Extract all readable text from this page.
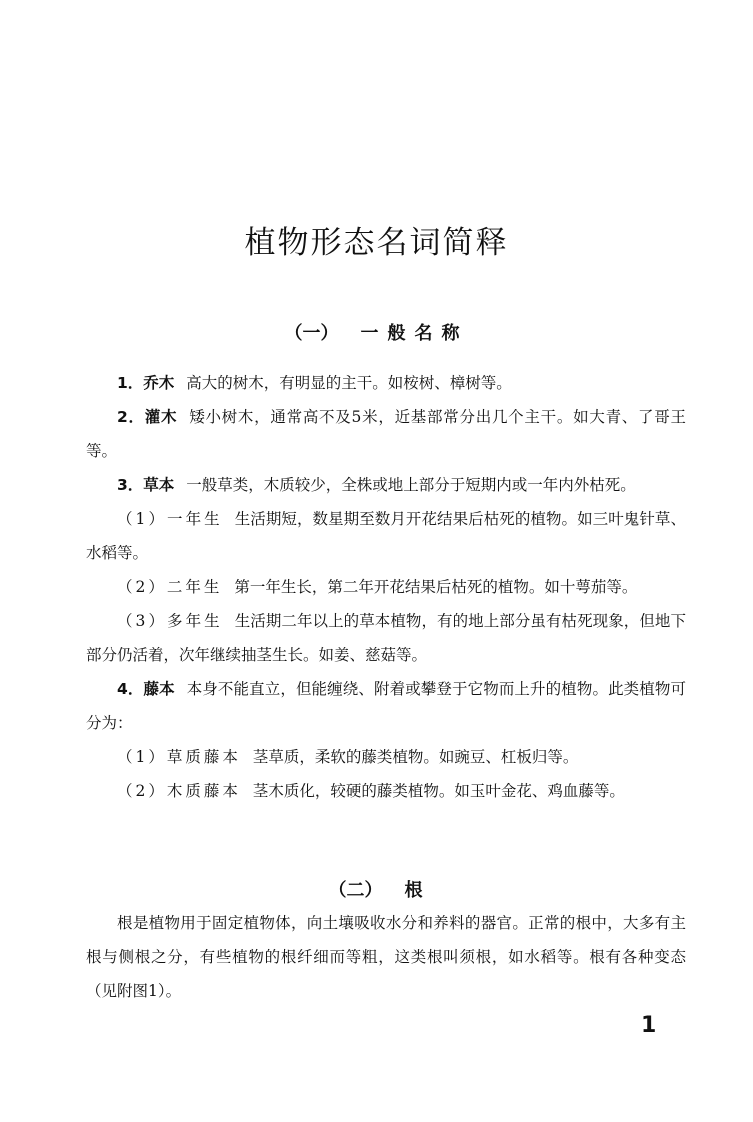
植物形态名词简释
（一） 一般名称

1．乔木 高大的树木，有明显的主干。如桉树、樟树等。

2．灌木 矮小树木，通常高不及5米，近基部常分出几个主干。如大青、了哥王等。

3．草本 一般草类，木质较少，全株或地上部分于短期内或一年内外枯死。

（1）一年生 生活期短，数星期至数月开花结果后枯死的植物。如三叶鬼针草、水稻等。

（2）二年生 第一年生长，第二年开花结果后枯死的植物。如十萼茄等。

（3）多年生 生活期二年以上的草本植物，有的地上部分虽有枯死现象，但地下部分仍活着，次年继续抽茎生长。如姜、慈菇等。

4．藤本 本身不能直立，但能缠绕、附着或攀登于它物而上升的植物。此类植物可分为：

（1）草质藤本 茎草质，柔软的藤类植物。如豌豆、杠板归等。

（2）木质藤本 茎木质化，较硬的藤类植物。如玉叶金花、鸡血藤等。

（二） 根

根是植物用于固定植物体，向土壤吸收水分和养料的器官。正常的根中，大多有主根与侧根之分，有些植物的根纤细而等粗，这类根叫须根，如水稻等。根有各种变态（见附图1）。

1
